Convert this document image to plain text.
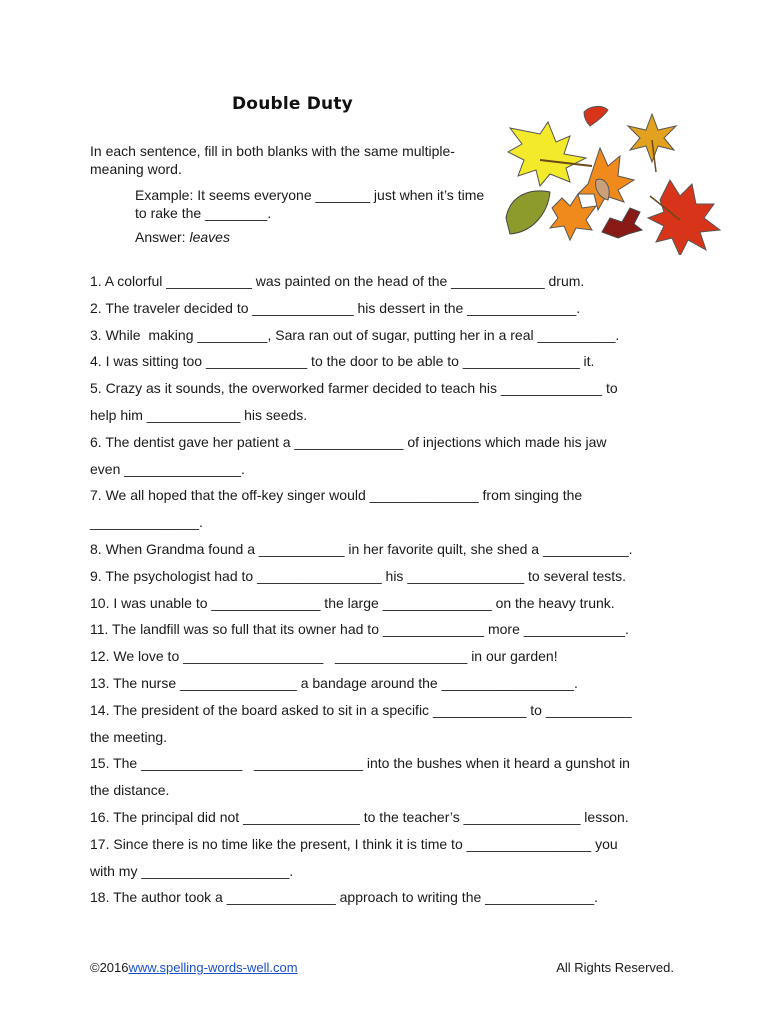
Double Duty
In each sentence, fill in both blanks with the same multiple-meaning word.
Example: It seems everyone _______ just when it’s time to rake the ________.
Answer: leaves
1. A colorful ___________ was painted on the head of the ____________ drum.
2. The traveler decided to _____________ his dessert in the ______________.
3. While  making _________, Sara ran out of sugar, putting her in a real __________.
4. I was sitting too _____________ to the door to be able to _______________ it.
5. Crazy as it sounds, the overworked farmer decided to teach his _____________ to
help him ____________ his seeds.
6. The dentist gave her patient a ______________ of injections which made his jaw
even _______________.
7. We all hoped that the off-key singer would ______________ from singing the
______________.
8. When Grandma found a ___________ in her favorite quilt, she shed a ___________.
9. The psychologist had to ________________ his _______________ to several tests.
10. I was unable to ______________ the large ______________ on the heavy trunk.
11. The landfill was so full that its owner had to _____________ more _____________.
12. We love to __________________   _________________ in our garden!
13. The nurse _______________ a bandage around the _________________.
14. The president of the board asked to sit in a specific ____________ to ___________
the meeting.
15. The _____________   ______________ into the bushes when it heard a gunshot in
the distance.
16. The principal did not _______________ to the teacher’s _______________ lesson.
17. Since there is no time like the present, I think it is time to ________________ you
with my ___________________.
18. The author took a ______________ approach to writing the ______________.
©2016www.spelling-words-well.com	All Rights Reserved.
